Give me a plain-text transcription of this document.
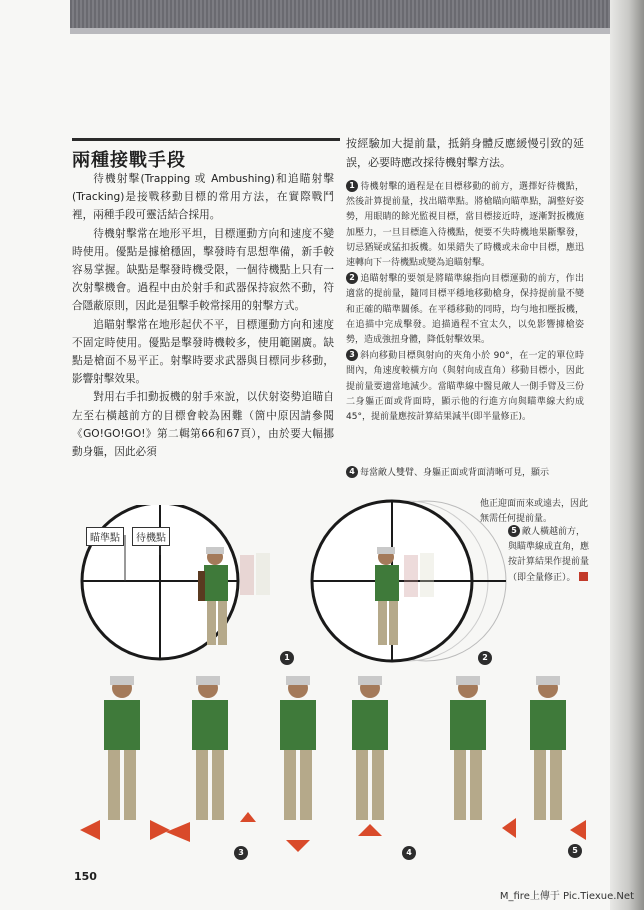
兩種接戰手段

待機射擊(Trapping 或 Ambushing)和追瞄射擊(Tracking)是接戰移動目標的常用方法，在實際戰鬥裡，兩種手段可靈活結合採用。

待機射擊常在地形平坦，目標運動方向和速度不變時使用。優點是據槍穩固，擊發時有思想準備，新手較容易掌握。缺點是擊發時機受限，一個待機點上只有一次射擊機會。過程中由於射手和武器保持寂然不動，符合隱蔽原則，因此是狙擊手較常採用的射擊方式。

追瞄射擊常在地形起伏不平，目標運動方向和速度不固定時使用。優點是擊發時機較多，使用範圍廣。缺點是槍面不易平正。射擊時要求武器與目標同步移動，影響射擊效果。

對用右手扣動扳機的射手來說，以伏射姿勢追瞄自左至右橫越前方的目標會較為困難（箇中原因請參閱《GO!GO!GO!》第二輯第66和67頁），由於要大幅挪動身軀，因此必須

按經驗加大提前量，抵銷身體反應緩慢引致的延誤，必要時應改採待機射擊方法。
1 待機射擊的過程是在目標移動的前方，選擇好待機點，然後計算提前量，找出瞄準點。將槍瞄向瞄準點，調整好姿勢，用眼睛的餘光監視目標，當目標接近時，逐漸對扳機施加壓力，一旦目標進入待機點，便要不失時機地果斷擊發，切忌猶疑或猛扣扳機。如果錯失了時機或未命中目標，應迅速轉向下一待機點或變為追瞄射擊。
2 追瞄射擊的要領是將瞄準線指向目標運動的前方，作出適當的提前量，隨同目標平穩地移動槍身，保持提前量不變和正確的瞄準關係。在平穩移動的同時，均勻地扣壓扳機，在追描中完成擊發。追描過程不宜太久，以免影響據槍姿勢，造成強扭身體，降低射擊效果。
3 斜向移動目標與射向的夾角小於 90°，在一定的單位時間內，角速度較橫方向（與射向成直角）移動目標小，因此提前量要適當地減少。當瞄準線中醫見敵人一側手臂及三份二身軀正面或背面時，顯示他的行進方向與瞄準線大約成 45°，提前量應按計算結果減半(即半量修正)。
4 每當敵人雙臂、身軀正面或背面清晰可見，顯示
他正迎面而來或遠去，因此無需任何提前量。
5 敵人橫越前方，與瞄準線成直角，應按計算結果作提前量（即全量修正）。
瞄準點	待機點
1	2
3	4	5
150
M_fire上傳于 Pic.Tiexue.Net
